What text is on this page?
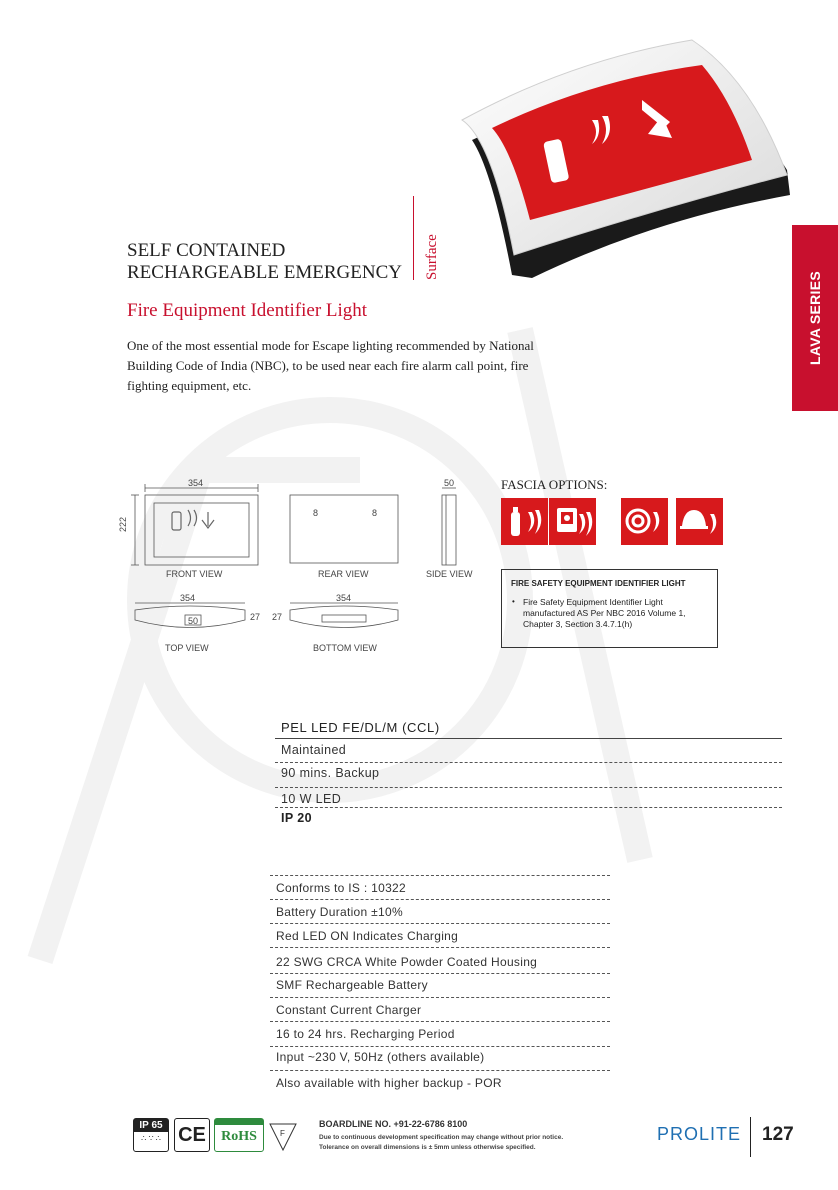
SELF CONTAINED
RECHARGEABLE EMERGENCY Surface
Fire Equipment Identifier Light
One of the most essential mode for Escape lighting recommended by National Building Code of India (NBC), to be used near each fire alarm call point, fire fighting equipment, etc.
LAVA SERIES
354
222
50
8	8
354
50	27
354
27
FRONT VIEW	REAR VIEW	SIDE VIEW
TOP VIEW	BOTTOM VIEW
FASCIA OPTIONS:
FIRE SAFETY EQUIPMENT IDENTIFIER LIGHT
• Fire Safety Equipment Identifier Light manufactured AS Per NBC 2016 Volume 1, Chapter 3, Section 3.4.7.1(h)
PEL LED FE/DL/M (CCL)
Maintained
90 mins. Backup
10 W LED
IP 20
Conforms to IS : 10322
Battery Duration ±10%
Red LED ON Indicates Charging
22 SWG CRCA White Powder Coated Housing
SMF Rechargeable Battery
Constant Current Charger
16 to 24 hrs. Recharging Period
Input ~230 V, 50Hz (others available)
Also available with higher backup - POR
IP 65
∴ ∵ ∴ CE	RoHS	F
BOARDLINE NO. +91-22-6786 8100
Due to continuous development specification may change without prior notice.
Tolerance on overall dimensions is ± 5mm unless otherwise specified.
PROLITE 127
